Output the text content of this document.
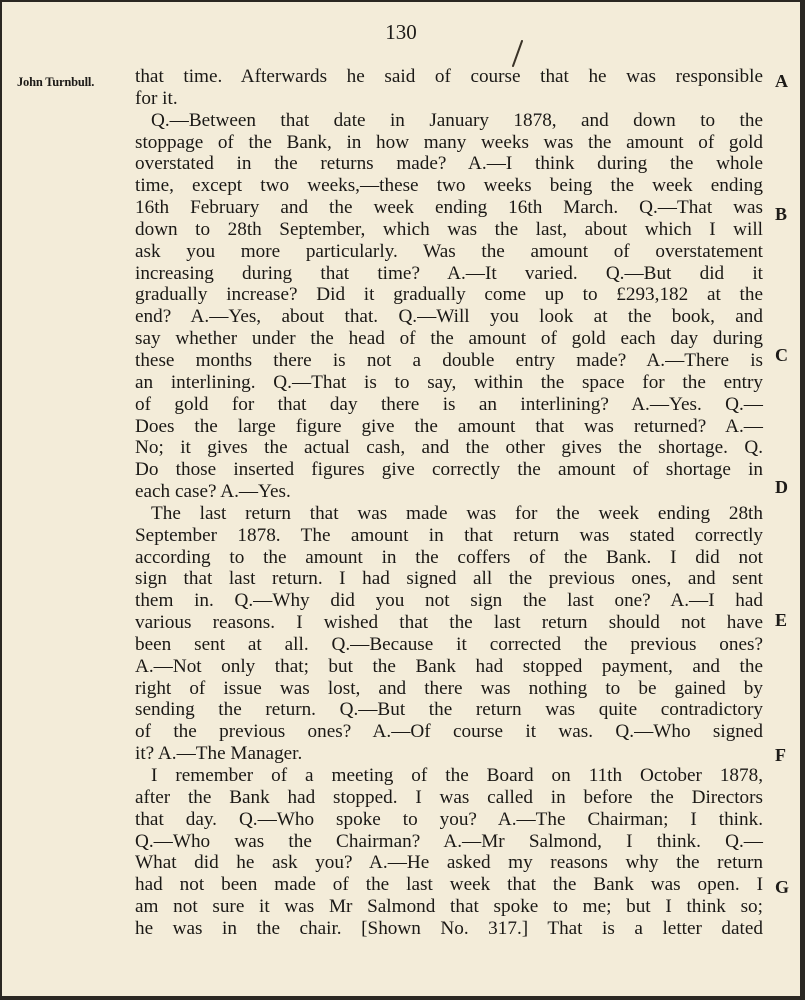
130
John Turnbull. that time. Afterwards he said of course that he was responsible
for it.
Q.—Between that date in January 1878, and down to the
stoppage of the Bank, in how many weeks was the amount of gold
overstated in the returns made? A.—I think during the whole
time, except two weeks,—these two weeks being the week ending
16th February and the week ending 16th March. Q.—That was
down to 28th September, which was the last, about which I will
ask you more particularly. Was the amount of overstatement
increasing during that time? A.—It varied. Q.—But did it
gradually increase? Did it gradually come up to £293,182 at the
end? A.—Yes, about that. Q.—Will you look at the book, and
say whether under the head of the amount of gold each day during
these months there is not a double entry made? A.—There is
an interlining. Q.—That is to say, within the space for the entry
of gold for that day there is an interlining? A.—Yes. Q.—
Does the large figure give the amount that was returned? A.—
No; it gives the actual cash, and the other gives the shortage. Q.
Do those inserted figures give correctly the amount of shortage in
each case? A.—Yes.
The last return that was made was for the week ending 28th
September 1878. The amount in that return was stated correctly
according to the amount in the coffers of the Bank. I did not
sign that last return. I had signed all the previous ones, and sent
them in. Q.—Why did you not sign the last one? A.—I had
various reasons. I wished that the last return should not have
been sent at all. Q.—Because it corrected the previous ones?
A.—Not only that; but the Bank had stopped payment, and the
right of issue was lost, and there was nothing to be gained by
sending the return. Q.—But the return was quite contradictory
of the previous ones? A.—Of course it was. Q.—Who signed
it? A.—The Manager.
I remember of a meeting of the Board on 11th October 1878,
after the Bank had stopped. I was called in before the Directors
that day. Q.—Who spoke to you? A.—The Chairman; I think.
Q.—Who was the Chairman? A.—Mr Salmond, I think. Q.—
What did he ask you? A.—He asked my reasons why the return
had not been made of the last week that the Bank was open. I
am not sure it was Mr Salmond that spoke to me; but I think so;
he was in the chair. [Shown No. 317.] That is a letter dated
A
B
C
D
E
F
G
